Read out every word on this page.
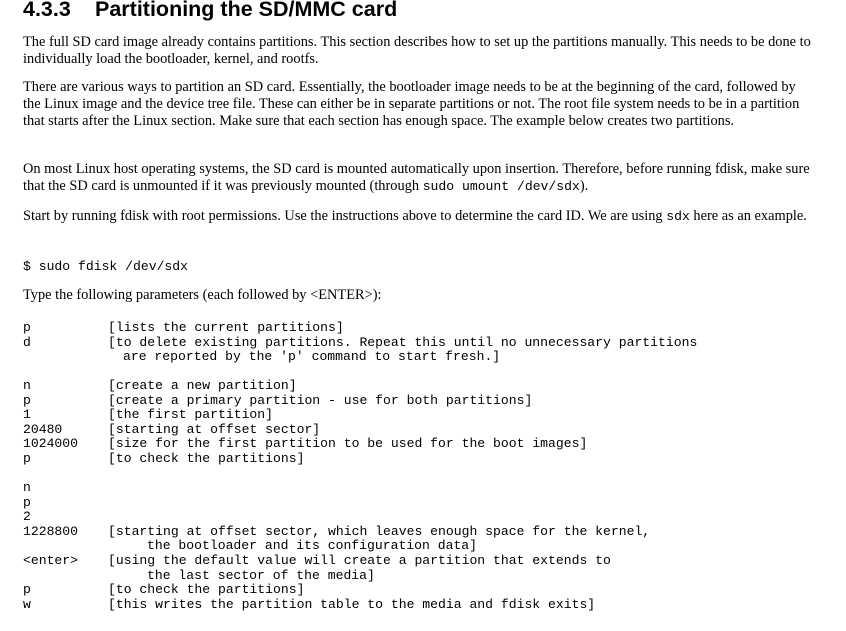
4.3.3 Partitioning the SD/MMC card

The full SD card image already contains partitions. This section describes how to set up the partitions manually. This needs to be done to individually load the bootloader, kernel, and rootfs.

There are various ways to partition an SD card. Essentially, the bootloader image needs to be at the beginning of the card, followed by the Linux image and the device tree file. These can either be in separate partitions or not. The root file system needs to be in a partition that starts after the Linux section. Make sure that each section has enough space. The example below creates two partitions.

On most Linux host operating systems, the SD card is mounted automatically upon insertion. Therefore, before running fdisk, make sure that the SD card is unmounted if it was previously mounted (through sudo umount /dev/sdx).

Start by running fdisk with root permissions. Use the instructions above to determine the card ID. We are using sdx here as an example.

$ sudo fdisk /dev/sdx

Type the following parameters (each followed by <ENTER>):

p	[lists the current partitions]
d	[to delete existing partitions. Repeat this until no unnecessary partitions
are reported by the 'p' command to start fresh.]
n	[create a new partition]
p	[create a primary partition - use for both partitions]
1	[the first partition]
20480	[starting at offset sector]
1024000 [size for the first partition to be used for the boot images]
p	[to check the partitions]
n
p
2
1228800 [starting at offset sector, which leaves enough space for the kernel,
the bootloader and its configuration data]
<enter> [using the default value will create a partition that extends to
the last sector of the media]
p	[to check the partitions]
w	[this writes the partition table to the media and fdisk exits]
